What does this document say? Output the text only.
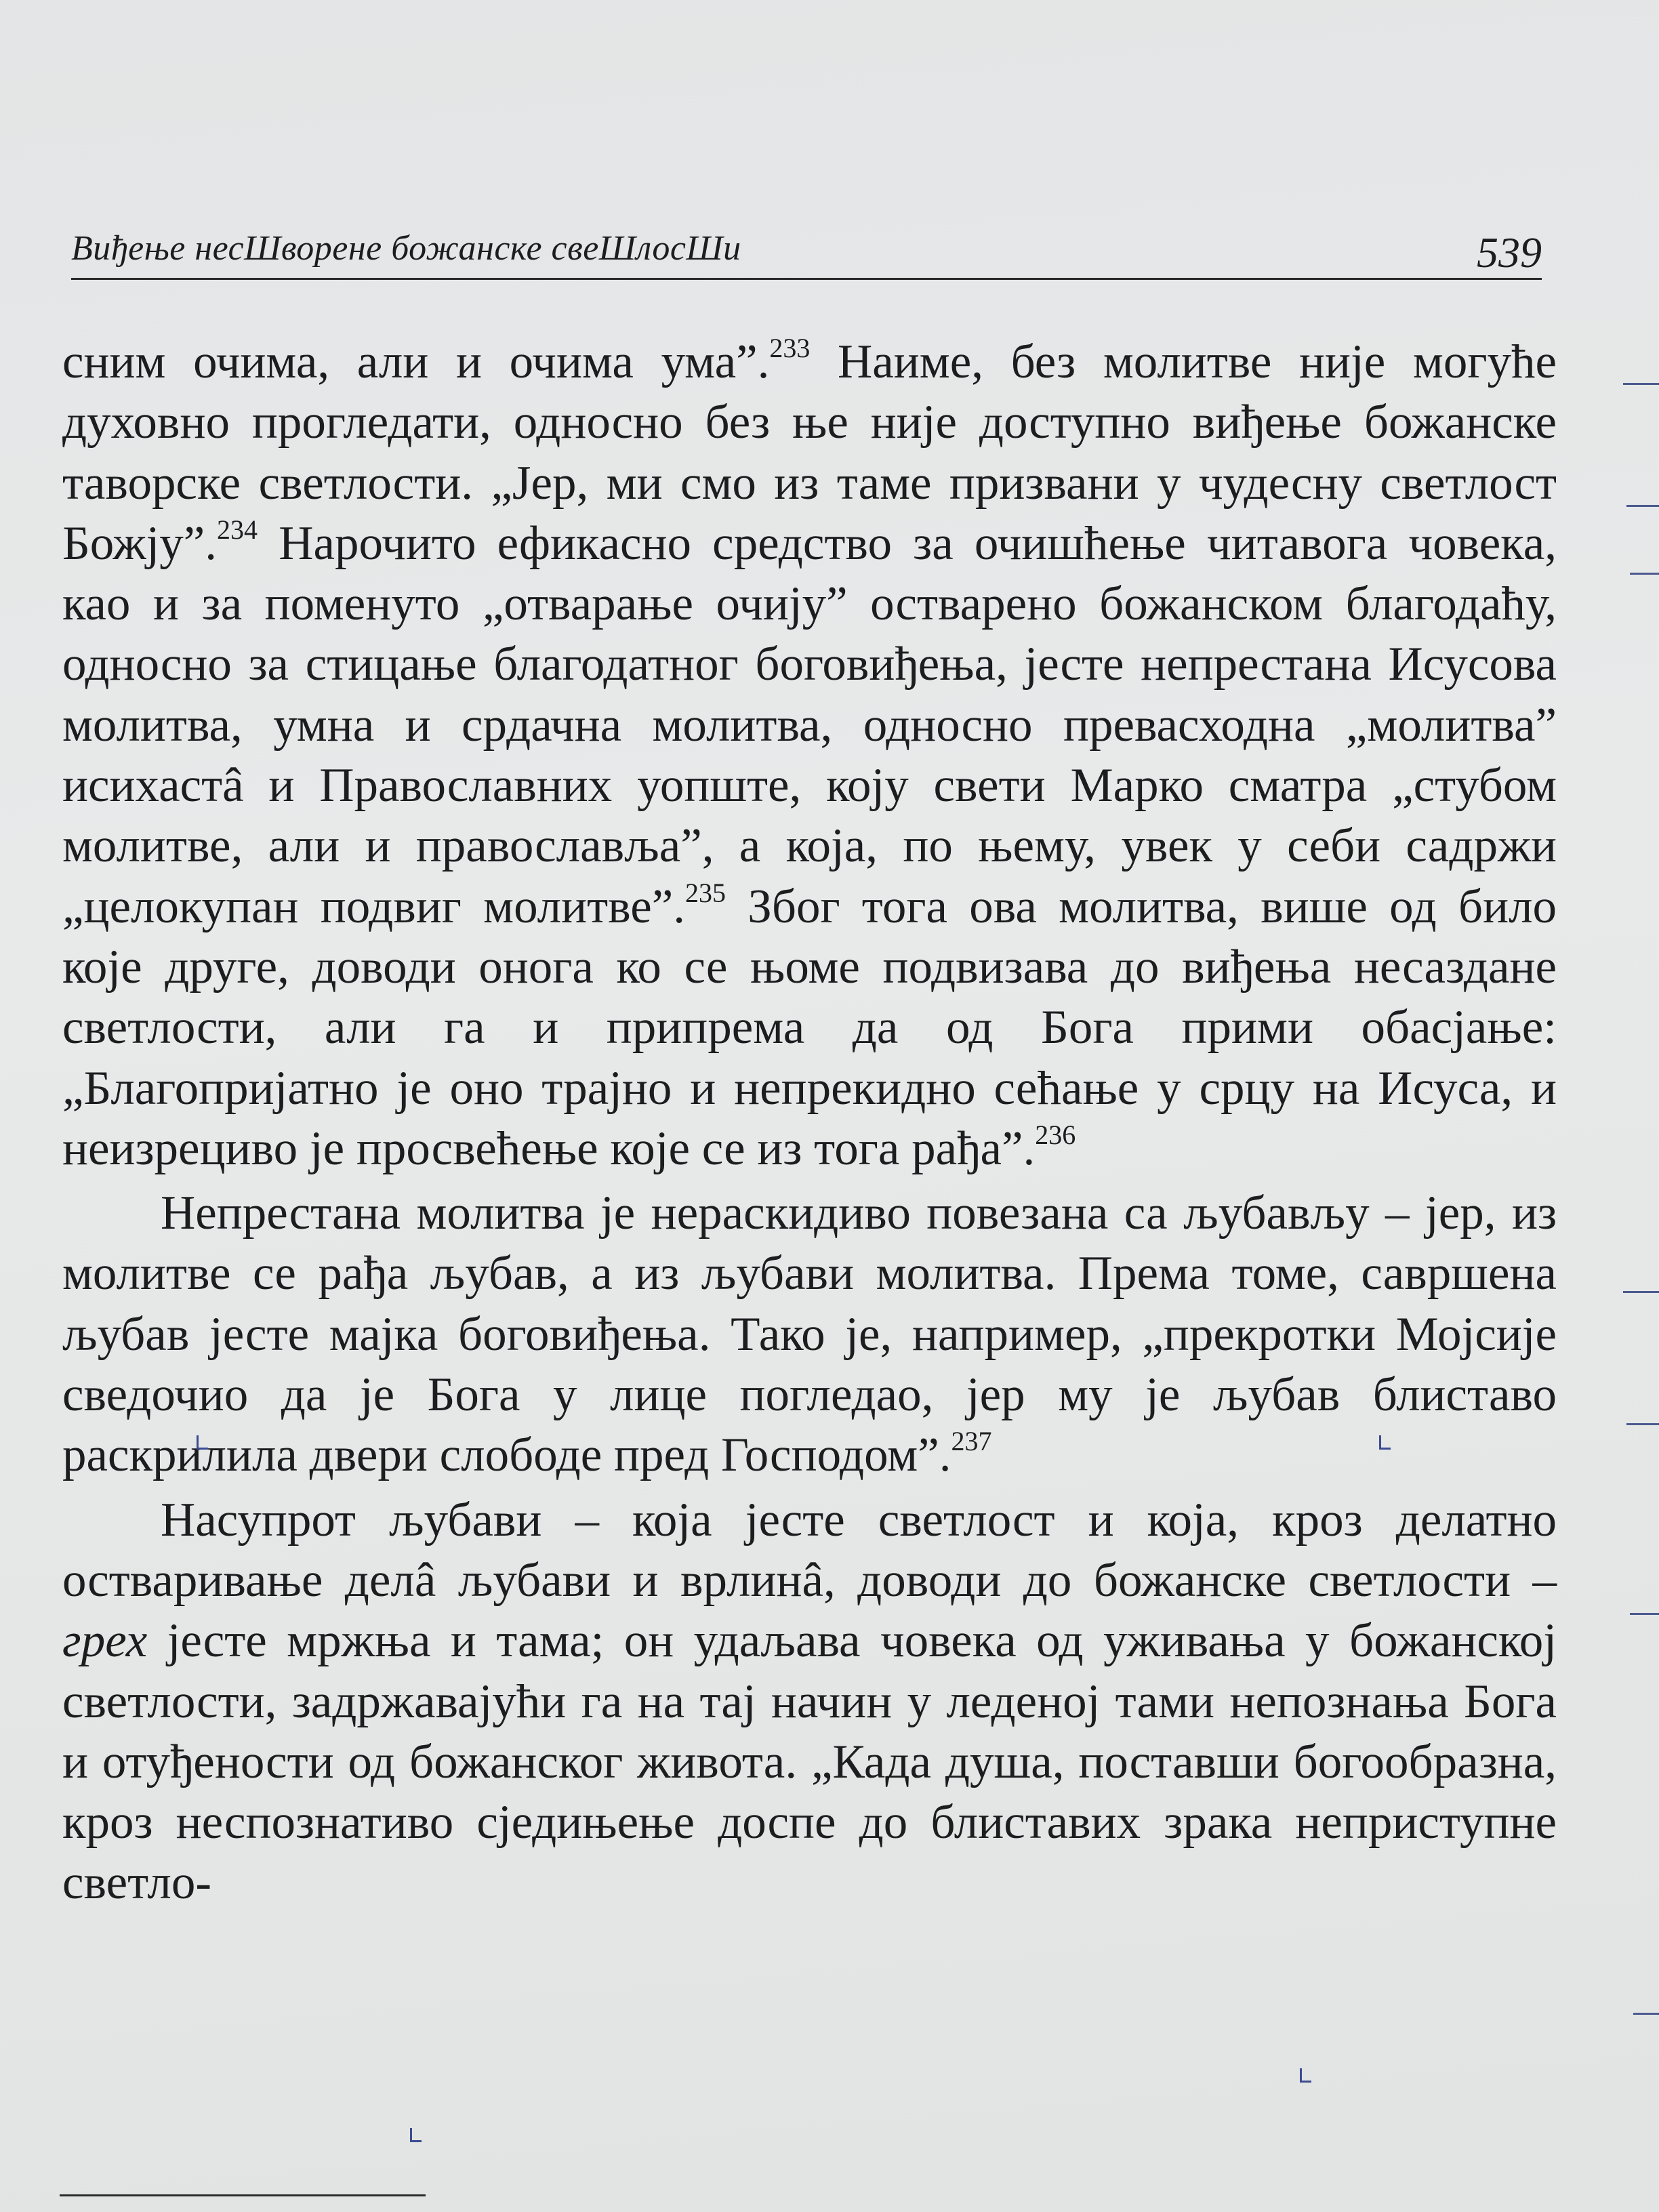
Виђење несШворене божанске свеШлосШи	539

сним очима, али и очима ума”.$^{233}$ Наиме, без молитве није могуће духовно прогледати, односно без ње није доступно виђење божанске таворске светлости. „Јер, ми смо из таме призвани у чудесну светлост Божју”.$^{234}$ Нарочито ефикасно средство за очишћење читавога човека, као и за поменуто „отварање очију” остварено божанском благодаћу, односно за стицање благодатног боговиђења, јесте непрестана Исусова молитва, умна и срдачна молитва, односно превасходна „молитва” исихастâ и Православних уопште, коју свети Марко сматра „стубом молитве, али и православља”, а која, по њему, увек у себи садржи „целокупан подвиг молитве”.$^{235}$ Због тога ова молитва, више од било које друге, доводи онога ко се њоме подвизава до виђења несаздане светлости, али га и припрема да од Бога прими обасјање: „Благопријатно је оно трајно и непрекидно сећање у срцу на Исуса, и неизрециво је просвећење које се из тога рађа”.$^{236}$

Непрестана молитва је нераскидиво повезана са љубављу – јер, из молитве се рађа љубав, а из љубави молитва. Према томе, савршена љубав јесте мајка боговиђења. Тако је, например, „прекротки Мојсије сведочио да је Бога у лице погледао, јер му је љубав блиставо раскрилила двери слободе пред Господом”.$^{237}$

Насупрот љубави – која јесте светлост и која, кроз делатно остваривање делâ љубави и врлинâ, доводи до божанске светлости – грех јесте мржња и тама; он удаљава човека од уживања у божанској светлости, задржавајући га на тај начин у леденој тами непознања Бога и отуђености од божанског живота. „Када душа, поставши богообразна, кроз неспознативо сједињење доспе до блиставих зрака неприступне светло-
